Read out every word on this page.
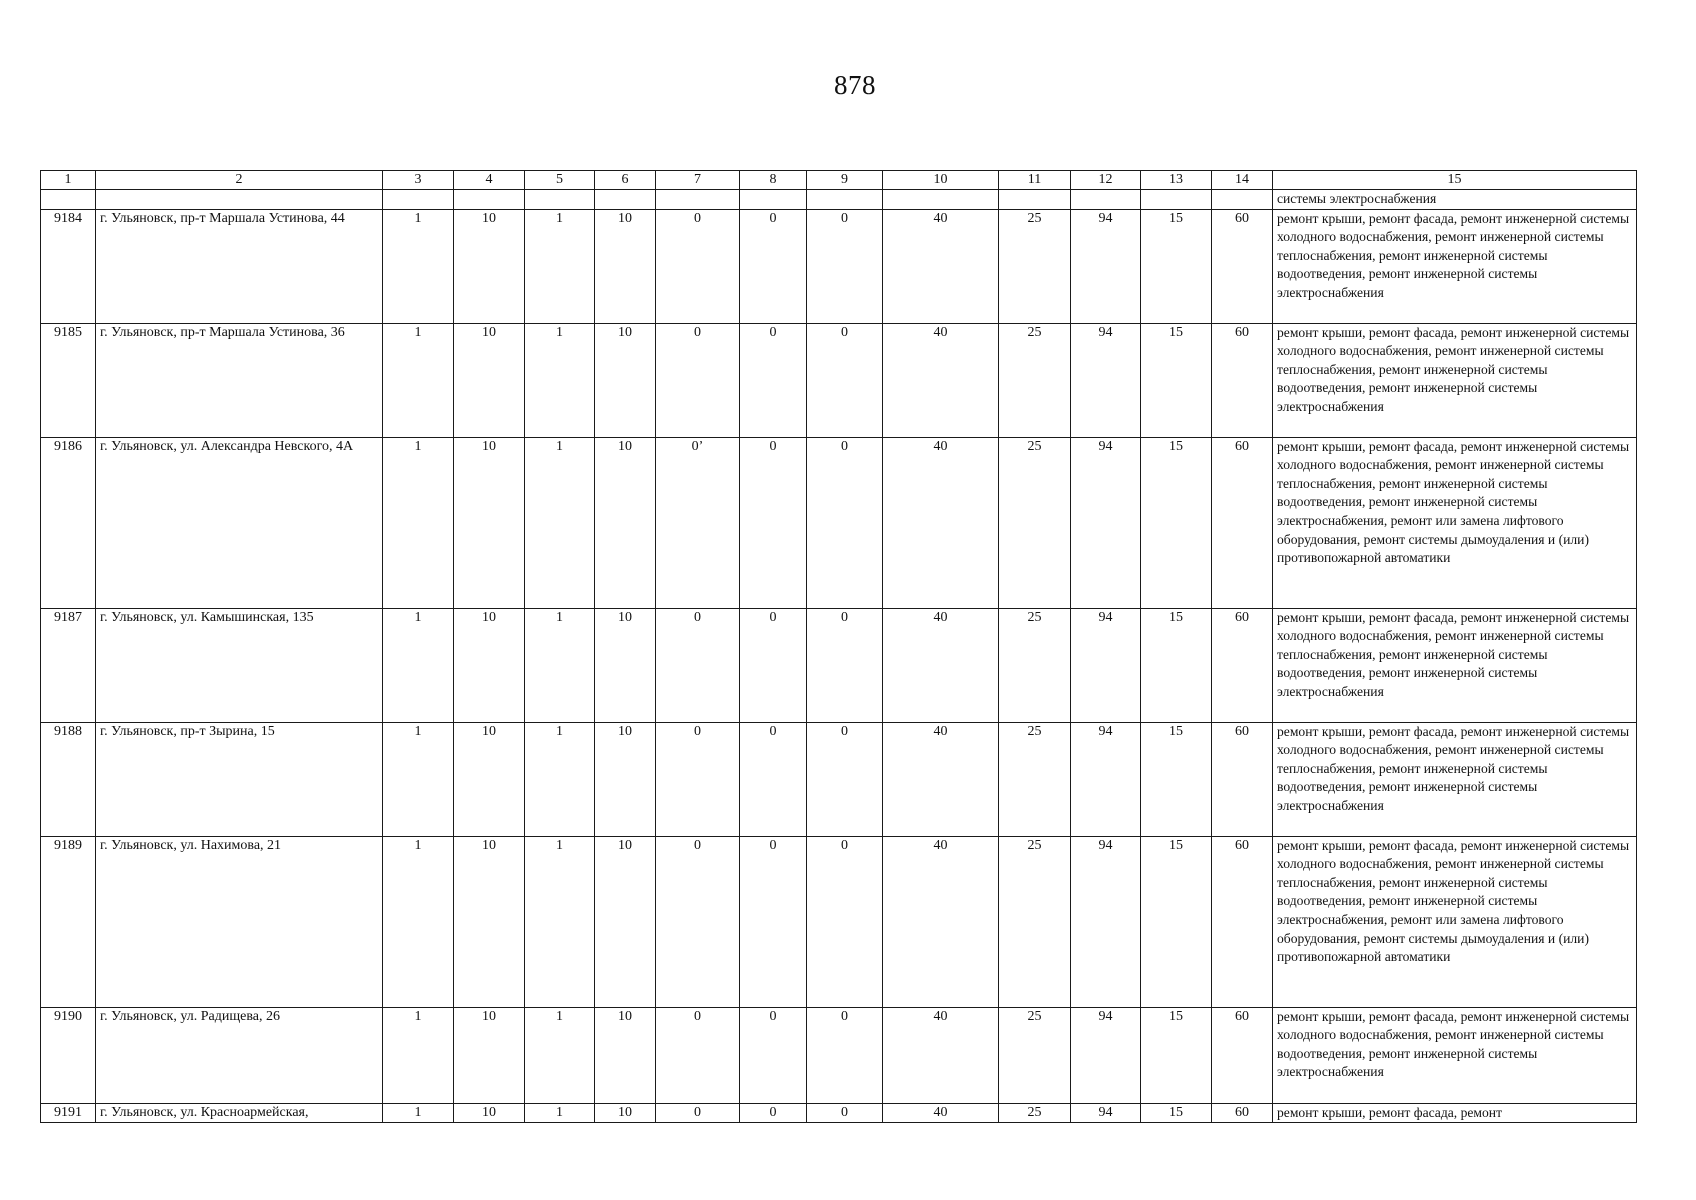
878
1	2	3	4	5	6	7	8	9	10	11	12	13	14	15
														системы электроснабжения
9184	г. Ульяновск, пр-т Маршала Устинова, 44	1	10	1	10	0	0	0	40	25	94	15	60	ремонт крыши, ремонт фасада, ремонт инженерной системы холодного водоснабжения, ремонт инженерной системы теплоснабжения, ремонт инженерной системы водоотведения, ремонт инженерной системы электроснабжения
9185	г. Ульяновск, пр-т Маршала Устинова, 36	1	10	1	10	0	0	0	40	25	94	15	60	ремонт крыши, ремонт фасада, ремонт инженерной системы холодного водоснабжения, ремонт инженерной системы теплоснабжения, ремонт инженерной системы водоотведения, ремонт инженерной системы электроснабжения
9186	г. Ульяновск, ул. Александра Невского, 4А	1	10	1	10	0’	0	0	40	25	94	15	60	ремонт крыши, ремонт фасада, ремонт инженерной системы холодного водоснабжения, ремонт инженерной системы теплоснабжения, ремонт инженерной системы водоотведения, ремонт инженерной системы электроснабжения, ремонт или замена лифтового оборудования, ремонт системы дымоудаления и (или) противопожарной автоматики
9187	г. Ульяновск, ул. Камышинская, 135	1	10	1	10	0	0	0	40	25	94	15	60	ремонт крыши, ремонт фасада, ремонт инженерной системы холодного водоснабжения, ремонт инженерной системы теплоснабжения, ремонт инженерной системы водоотведения, ремонт инженерной системы электроснабжения
9188	г. Ульяновск, пр-т Зырина, 15	1	10	1	10	0	0	0	40	25	94	15	60	ремонт крыши, ремонт фасада, ремонт инженерной системы холодного водоснабжения, ремонт инженерной системы теплоснабжения, ремонт инженерной системы водоотведения, ремонт инженерной системы электроснабжения
9189	г. Ульяновск, ул. Нахимова, 21	1	10	1	10	0	0	0	40	25	94	15	60	ремонт крыши, ремонт фасада, ремонт инженерной системы холодного водоснабжения, ремонт инженерной системы теплоснабжения, ремонт инженерной системы водоотведения, ремонт инженерной системы электроснабжения, ремонт или замена лифтового оборудования, ремонт системы дымоудаления и (или) противопожарной автоматики
9190	г. Ульяновск, ул. Радищева, 26	1	10	1	10	0	0	0	40	25	94	15	60	ремонт крыши, ремонт фасада, ремонт инженерной системы холодного водоснабжения, ремонт инженерной системы водоотведения, ремонт инженерной системы электроснабжения
9191	г. Ульяновск, ул. Красноармейская,	1	10	1	10	0	0	0	40	25	94	15	60	ремонт крыши, ремонт фасада, ремонт
